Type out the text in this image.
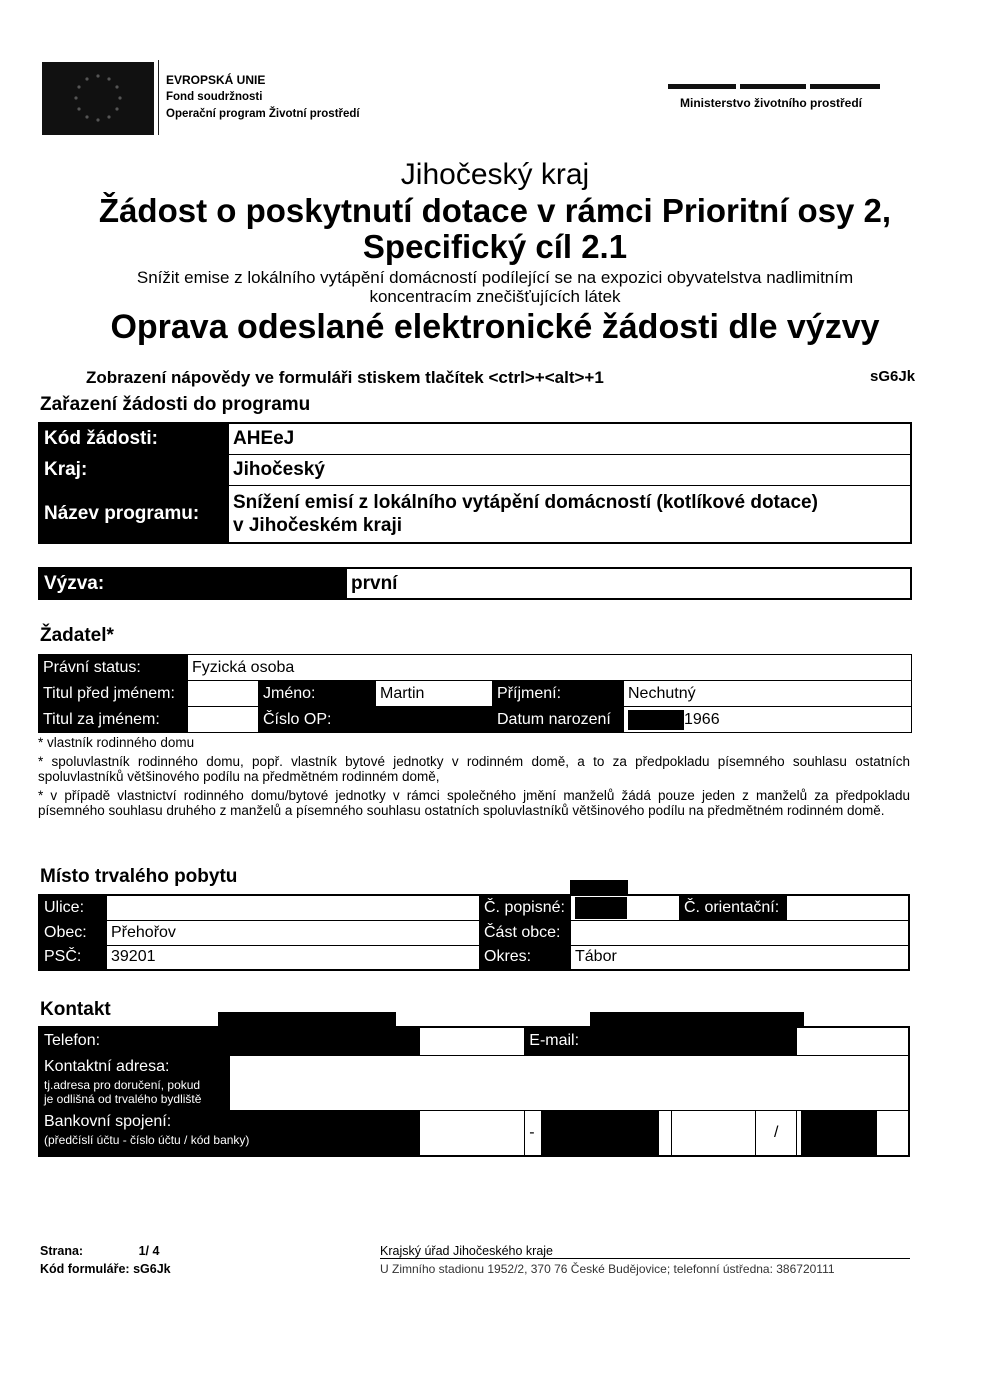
EVROPSKÁ UNIE
Fond soudržnosti
Operační program Životní prostředí
Ministerstvo životního prostředí
Jihočeský kraj
Žádost o poskytnutí dotace v rámci Prioritní osy 2,
Specifický cíl 2.1
Snížit emise z lokálního vytápění domácností podílející se na expozici obyvatelstva nadlimitním
koncentracím znečišťujících látek
Oprava odeslané elektronické žádosti dle výzvy
Zobrazení nápovědy ve formuláři stiskem tlačítek <ctrl>+<alt>+1	sG6Jk
Zařazení žádosti do programu
Kód žádosti:	AHEeJ
Kraj:	Jihočeský
Název programu:	Snížení emisí z lokálního vytápění domácností (kotlíkové dotace)
v Jihočeském kraji
Výzva:	první
Žadatel*
Právní status:	Fyzická osoba				
Titul před jménem:		Jméno:	Martin	Příjmení:	Nechutný
Titul za jménem:		Číslo OP:		Datum narození	1966
* vlastník rodinného domu
* spoluvlastník rodinného domu, popř. vlastník bytové jednotky v rodinném domě, a to za předpokladu písemného souhlasu ostatních spoluvlastníků většinového podílu na předmětném rodinném domě,
* v případě vlastnictví rodinného domu/bytové jednotky v rámci společného jmění manželů žádá pouze jeden z manželů za předpokladu písemného souhlasu druhého z manželů a písemného souhlasu ostatních spoluvlastníků většinového podílu na předmětném rodinném domě.
Místo trvalého pobytu
Ulice:		Č. popisné:		Č. orientační:	
Obec:	Přehořov	Část obce:			
PSČ:	39201	Okres:	Tábor		
Kontakt
Telefon:			E-mail:			

Kontaktní adresa:
tj.adresa pro doručení, pokud
je odlišná od trvalého bydliště						

Bankovní spojení:
(předčíslí účtu - číslo účtu / kód banky)			-		/	
Strana:	1/ 4
Kód formuláře: sG6Jk
Krajský úřad Jihočeského kraje
U Zimního stadionu 1952/2, 370 76 České Budějovice; telefonní ústředna: 386720111
